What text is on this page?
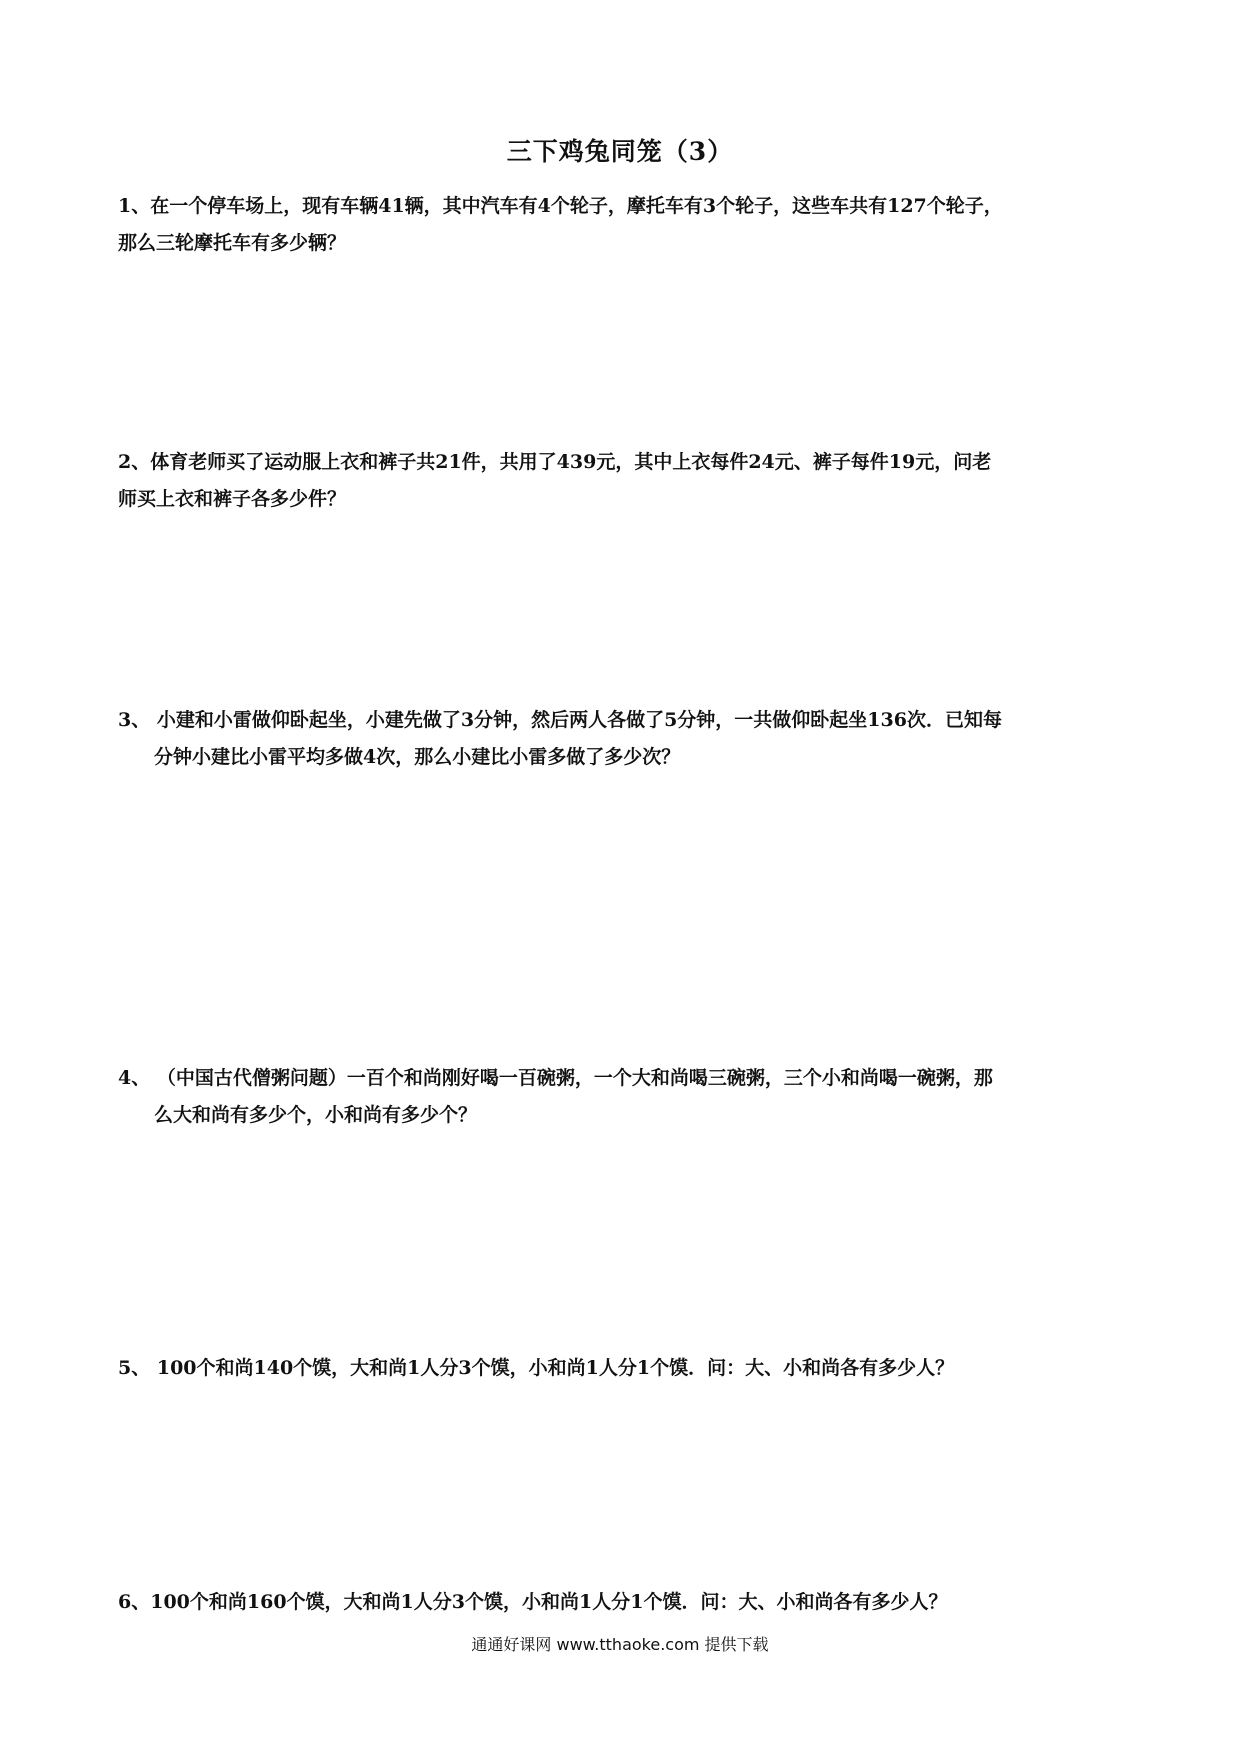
三下鸡兔同笼（3）
1、在一个停车场上，现有车辆41辆，其中汽车有4个轮子，摩托车有3个轮子，这些车共有127个轮子，
那么三轮摩托车有多少辆？
2、体育老师买了运动服上衣和裤子共21件，共用了439元，其中上衣每件24元、裤子每件19元，问老
师买上衣和裤子各多少件？
3、 小建和小雷做仰卧起坐，小建先做了3分钟，然后两人各做了5分钟，一共做仰卧起坐136次．已知每
分钟小建比小雷平均多做4次，那么小建比小雷多做了多少次？
4、 （中国古代僧粥问题）一百个和尚刚好喝一百碗粥，一个大和尚喝三碗粥，三个小和尚喝一碗粥，那
么大和尚有多少个，小和尚有多少个？
5、 100个和尚140个馍，大和尚1人分3个馍，小和尚1人分1个馍．问：大、小和尚各有多少人？
6、100个和尚160个馍，大和尚1人分3个馍，小和尚1人分1个馍．问：大、小和尚各有多少人？
通通好课网 www.tthaoke.com 提供下载
